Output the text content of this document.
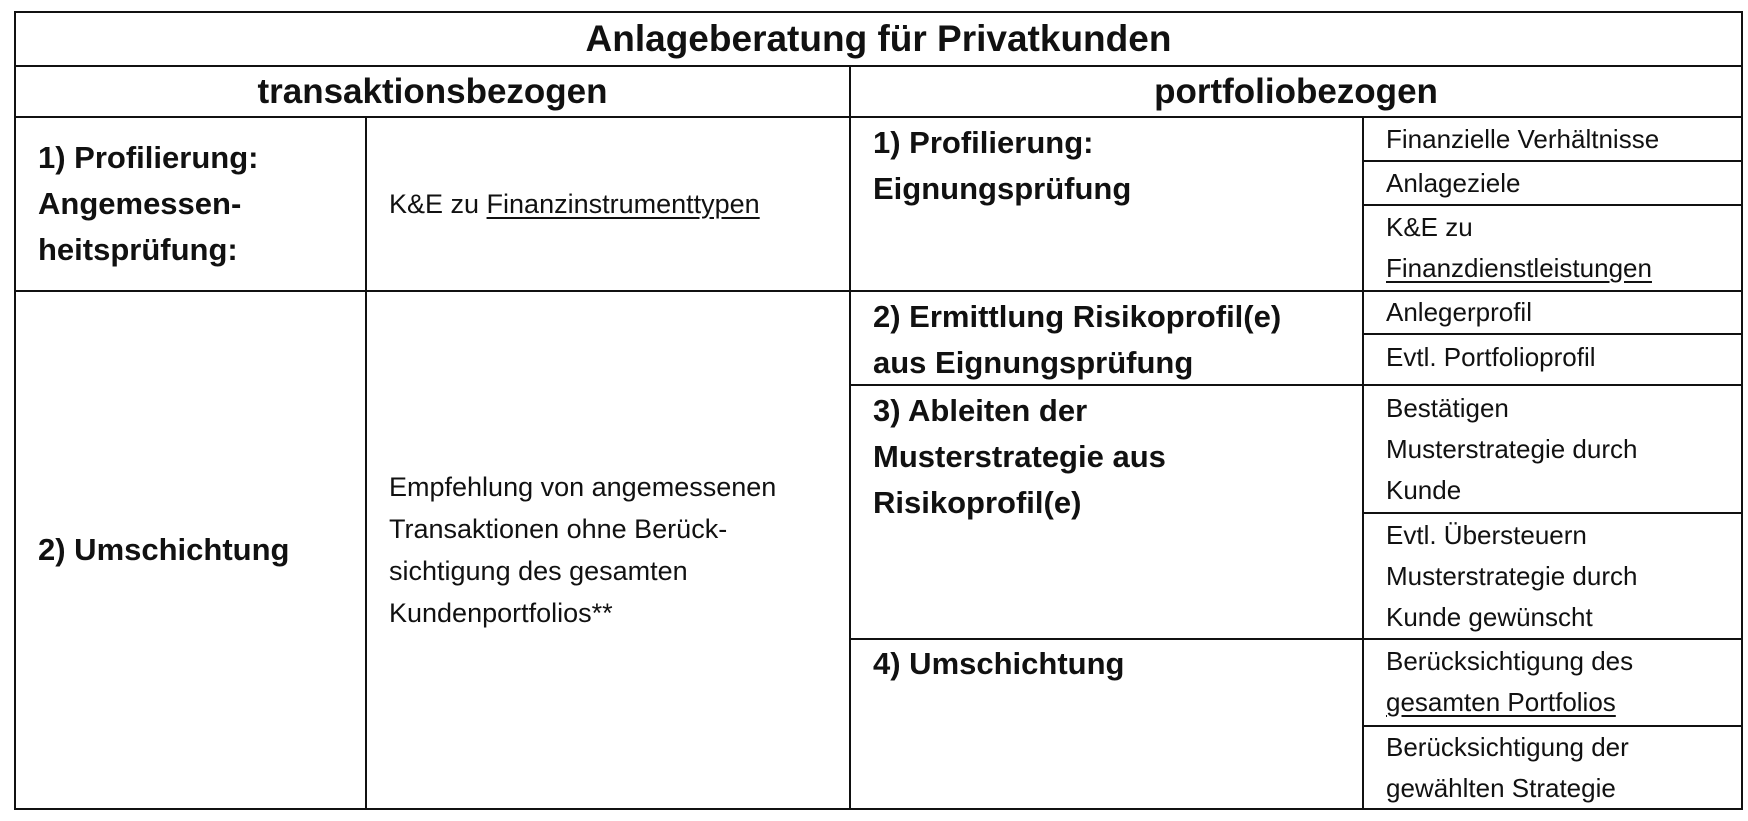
Anlageberatung für Privatkunden
transaktionsbezogen	portfoliobezogen
1) Profilierung:
Angemessen-
heitsprüfung:
K&E zu Finanzinstrumenttypen
2) Umschichtung
Empfehlung von angemessenen
Transaktionen ohne Berück-
sichtigung des gesamten
Kundenportfolios**
1) Profilierung:
Eignungsprüfung
Finanzielle Verhältnisse
Anlageziele
K&E zu
Finanzdienstleistungen
2) Ermittlung Risikoprofil(e)
aus Eignungsprüfung
Anlegerprofil
Evtl. Portfolioprofil
3) Ableiten der
Musterstrategie aus
Risikoprofil(e)
Bestätigen
Musterstrategie durch
Kunde
Evtl. Übersteuern
Musterstrategie durch
Kunde gewünscht
4) Umschichtung	Berücksichtigung des
gesamten Portfolios
Berücksichtigung der
gewählten Strategie
